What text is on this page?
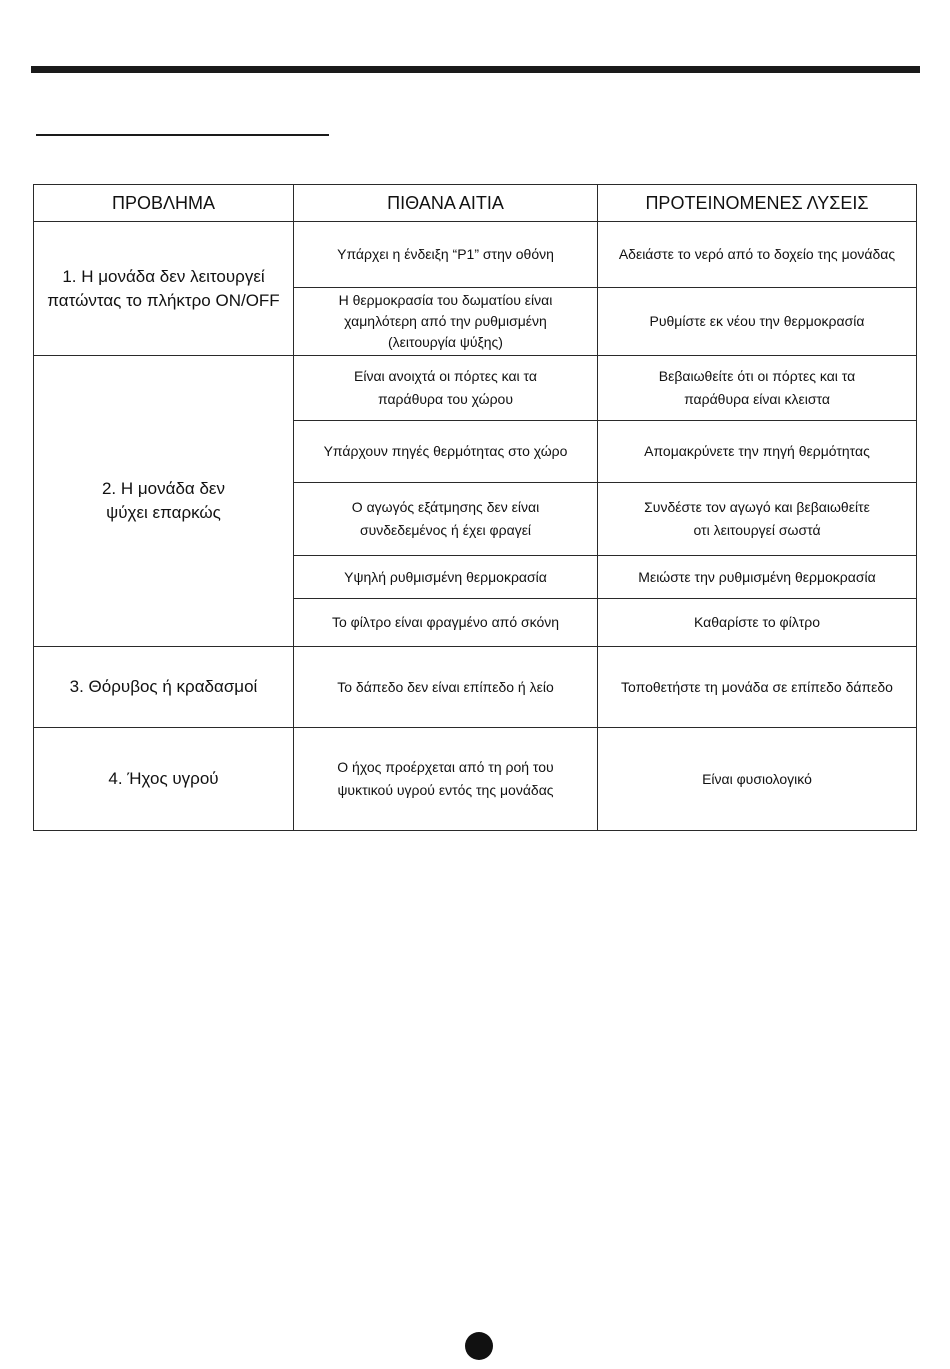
ΠΡΟΒΛΗΜΑ	ΠΙΘΑΝΑ ΑΙΤΙΑ	ΠΡΟΤΕΙΝΟΜΕΝΕΣ ΛΥΣΕΙΣ
1. Η μονάδα δεν λειτουργεί πατώντας το πλήκτρο ON/OFF	Υπάρχει η ένδειξη “P1” στην οθόνη	Αδειάστε το νερό από το δοχείο της μονάδας
	Η θερμοκρασία του δωματίου είναι χαμηλότερη από την ρυθμισμένη (λειτουργία ψύξης)	Ρυθμίστε εκ νέου την θερμοκρασία
2. Η μονάδα δεν ψύχει επαρκώς	Είναι ανοιχτά οι πόρτες και τα παράθυρα του χώρου	Βεβαιωθείτε ότι οι πόρτες και τα παράθυρα είναι κλειστα
	Υπάρχουν πηγές θερμότητας στο χώρο	Απομακρύνετε την πηγή θερμότητας
	Ο αγωγός εξάτμησης δεν είναι συνδεδεμένος ή έχει φραγεί	Συνδέστε τον αγωγό και βεβαιωθείτε οτι λειτουργεί σωστά
	Υψηλή ρυθμισμένη θερμοκρασία	Μειώστε την ρυθμισμένη θερμοκρασία
	Το φίλτρο είναι φραγμένο από σκόνη	Καθαρίστε το φίλτρο
3. Θόρυβος ή κραδασμοί	Το δάπεδο δεν είναι επίπεδο ή λείο	Τοποθετήστε τη μονάδα σε επίπεδο δάπεδο
4. Ήχος υγρού	Ο ήχος προέρχεται από τη ροή του ψυκτικού υγρού εντός της μονάδας	Είναι φυσιολογικό
